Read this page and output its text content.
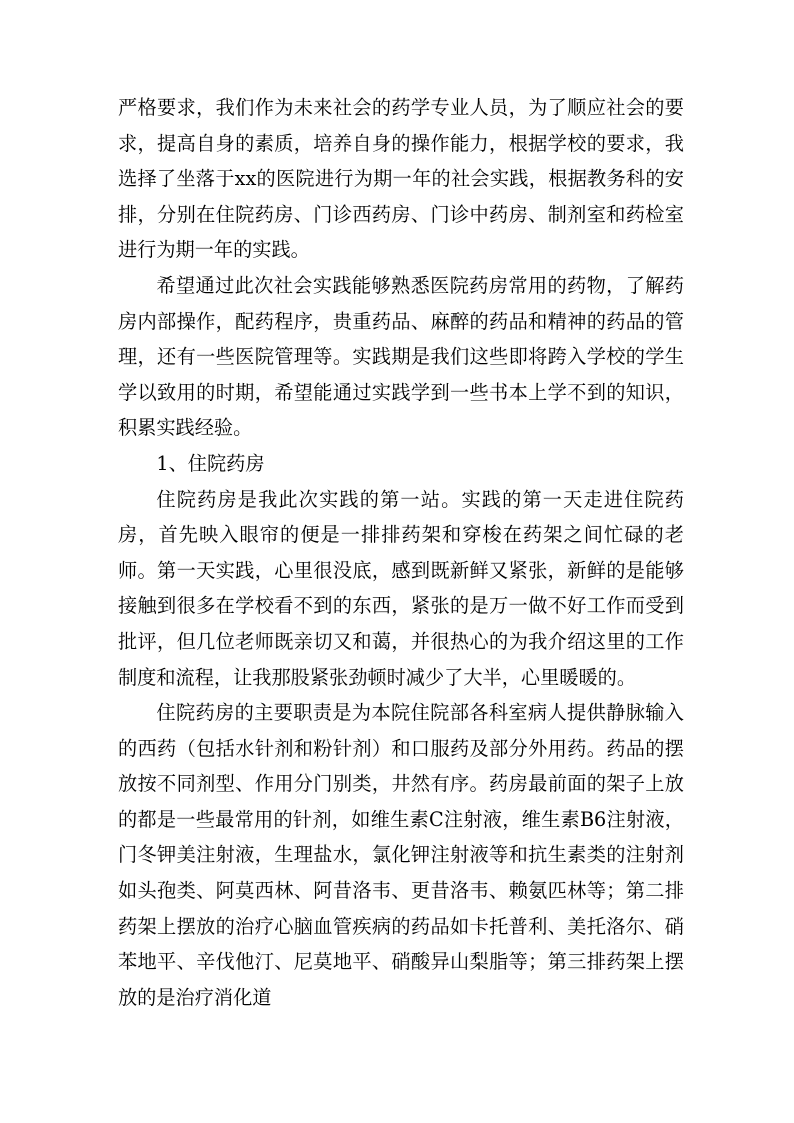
严格要求，我们作为未来社会的药学专业人员，为了顺应社会的要求，提高自身的素质，培养自身的操作能力，根据学校的要求，我选择了坐落于xx的医院进行为期一年的社会实践，根据教务科的安排，分别在住院药房、门诊西药房、门诊中药房、制剂室和药检室进行为期一年的实践。

希望通过此次社会实践能够熟悉医院药房常用的药物，了解药房内部操作，配药程序，贵重药品、麻醉的药品和精神的药品的管理，还有一些医院管理等。实践期是我们这些即将跨入学校的学生学以致用的时期，希望能通过实践学到一些书本上学不到的知识，积累实践经验。

1、住院药房

住院药房是我此次实践的第一站。实践的第一天走进住院药房，首先映入眼帘的便是一排排药架和穿梭在药架之间忙碌的老师。第一天实践，心里很没底，感到既新鲜又紧张，新鲜的是能够接触到很多在学校看不到的东西，紧张的是万一做不好工作而受到批评，但几位老师既亲切又和蔼，并很热心的为我介绍这里的工作制度和流程，让我那股紧张劲顿时减少了大半，心里暖暖的。

住院药房的主要职责是为本院住院部各科室病人提供静脉输入的西药（包括水针剂和粉针剂）和口服药及部分外用药。药品的摆放按不同剂型、作用分门别类，井然有序。药房最前面的架子上放的都是一些最常用的针剂，如维生素C注射液，维生素B6注射液，门冬钾美注射液，生理盐水，氯化钾注射液等和抗生素类的注射剂如头孢类、阿莫西林、阿昔洛韦、更昔洛韦、赖氨匹林等；第二排药架上摆放的治疗心脑血管疾病的药品如卡托普利、美托洛尔、硝苯地平、辛伐他汀、尼莫地平、硝酸异山梨脂等；第三排药架上摆放的是治疗消化道
